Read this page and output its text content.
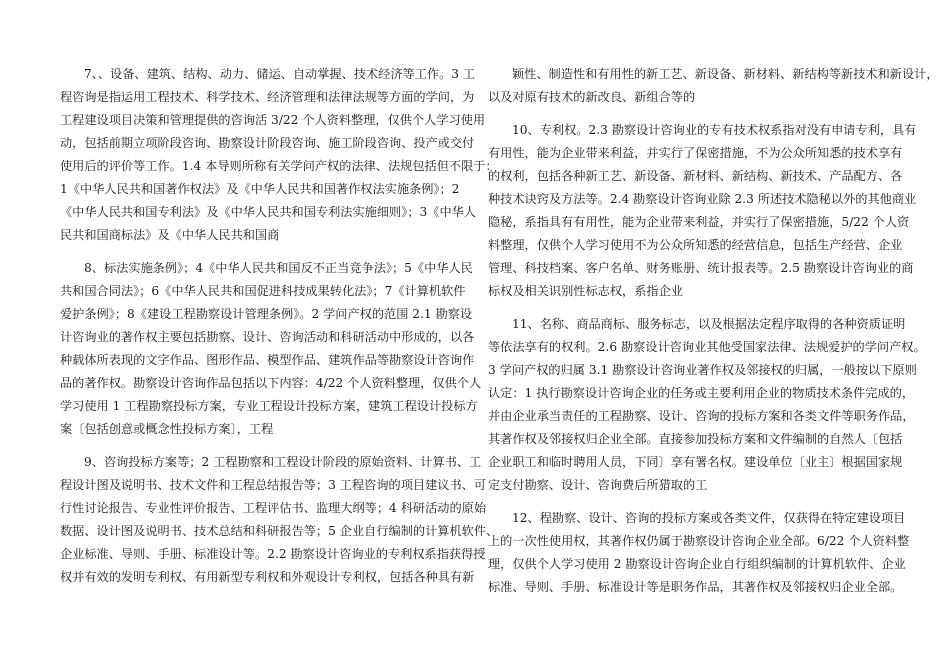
7、、设备、建筑、结构、动力、储运、自动掌握、技术经济等工作。3 工
程咨询是指运用工程技术、科学技术、经济管理和法律法规等方面的学问，为
工程建设项目决策和管理提供的咨询活 3/22 个人资料整理，仅供个人学习使用
动，包括前期立项阶段咨询、勘察设计阶段咨询、施工阶段咨询、投产或交付
使用后的评价等工作。1.4 本导则所称有关学问产权的法律、法规包括但不限于：
1《中华人民共和国著作权法》及《中华人民共和国著作权法实施条例》；2
《中华人民共和国专利法》及《中华人民共和国专利法实施细则》；3《中华人
民共和国商标法》及《中华人民共和国商
8、标法实施条例》；4《中华人民共和国反不正当竞争法》；5《中华人民
共和国合同法》；6《中华人民共和国促进科技成果转化法》；7《计算机软件
爱护条例》；8《建设工程勘察设计管理条例》。2 学问产权的范围 2.1 勘察设
计咨询业的著作权主要包括勘察、设计、咨询活动和科研活动中形成的，以各
种载体所表现的文字作品、图形作品、模型作品、建筑作品等勘察设计咨询作
品的著作权。勘察设计咨询作品包括以下内容：4/22 个人资料整理，仅供个人
学习使用 1 工程勘察投标方案，专业工程设计投标方案，建筑工程设计投标方
案〔包括创意或概念性投标方案〕，工程
9、咨询投标方案等；2 工程勘察和工程设计阶段的原始资料、计算书、工
程设计图及说明书、技术文件和工程总结报告等；3 工程咨询的项目建议书、可
行性讨论报告、专业性评价报告、工程评估书、监理大纲等；4 科研活动的原始
数据、设计图及说明书、技术总结和科研报告等；5 企业自行编制的计算机软件、
企业标准、导则、手册、标准设计等。2.2 勘察设计咨询业的专利权系指获得授
权并有效的发明专利权、有用新型专利权和外观设计专利权，包括各种具有新
颖性、制造性和有用性的新工艺、新设备、新材料、新结构等新技术和新设计，
以及对原有技术的新改良、新组合等的
10、专利权。2.3 勘察设计咨询业的专有技术权系指对没有申请专利，具有
有用性，能为企业带来利益，并实行了保密措施，不为公众所知悉的技术享有
的权利，包括各种新工艺、新设备、新材料、新结构、新技术、产品配方、各
种技术诀窍及方法等。2.4 勘察设计咨询业除 2.3 所述技术隐秘以外的其他商业
隐秘，系指具有有用性，能为企业带来利益，并实行了保密措施，5/22 个人资
料整理，仅供个人学习使用不为公众所知悉的经营信息，包括生产经营、企业
管理、科技档案、客户名单、财务账册、统计报表等。2.5 勘察设计咨询业的商
标权及相关识别性标志权，系指企业
11、名称、商品商标、服务标志，以及根据法定程序取得的各种资质证明
等依法享有的权利。2.6 勘察设计咨询业其他受国家法律、法规爱护的学问产权。
3 学问产权的归属 3.1 勘察设计咨询业著作权及邻接权的归属，一般按以下原则
认定：1 执行勘察设计咨询企业的任务或主要利用企业的物质技术条件完成的，
并由企业承当责任的工程勘察、设计、咨询的投标方案和各类文件等职务作品，
其著作权及邻接权归企业全部。直接参加投标方案和文件编制的自然人〔包括
企业职工和临时聘用人员，下同〕享有署名权。建设单位〔业主〕根据国家规
定支付勘察、设计、咨询费后所猎取的工
12、程勘察、设计、咨询的投标方案或各类文件，仅获得在特定建设项目
上的一次性使用权，其著作权仍属于勘察设计咨询企业全部。6/22 个人资料整
理，仅供个人学习使用 2 勘察设计咨询企业自行组织编制的计算机软件、企业
标准、导则、手册、标准设计等是职务作品，其著作权及邻接权归企业全部。
